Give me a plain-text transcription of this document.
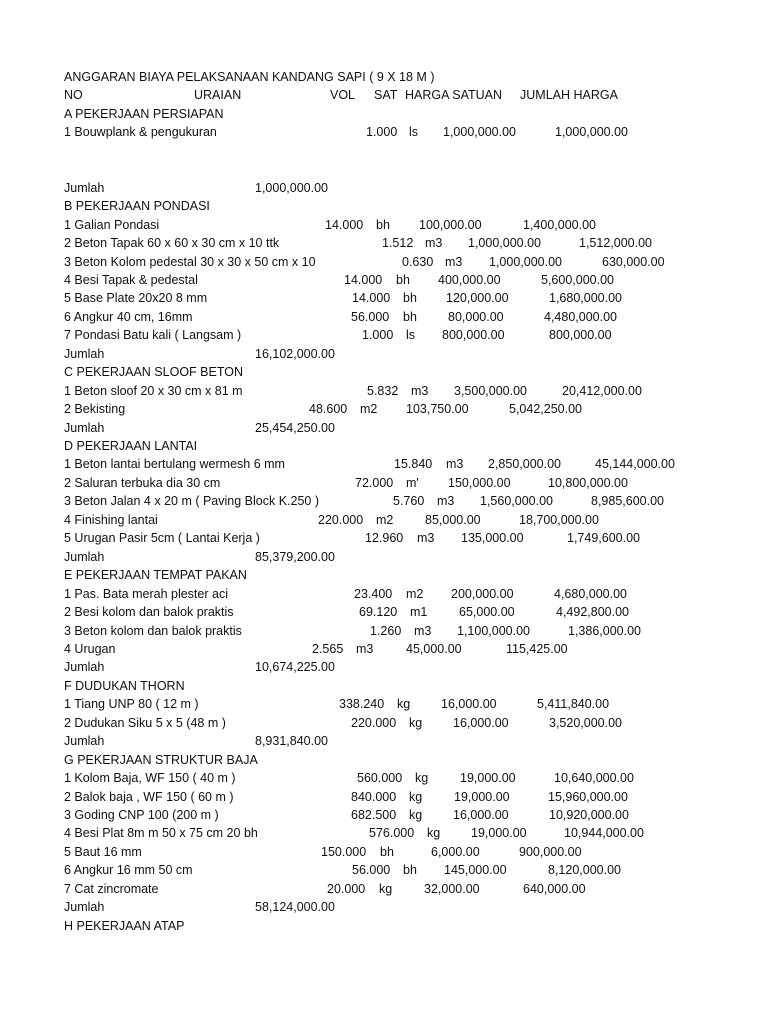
ANGGARAN BIAYA PELAKSANAAN KANDANG SAPI ( 9 X 18 M )
NO	URAIAN	VOL SAT HARGA SATUAN JUMLAH HARGA
A PEKERJAAN PERSIAPAN
1 Bouwplank & pengukuran	1.000 ls 1,000,000.00	1,000,000.00
Jumlah	1,000,000.00
B PEKERJAAN PONDASI
1 Galian Pondasi	14.000 bh 100,000.00	1,400,000.00
2 Beton Tapak 60 x 60 x 30 cm x 10 ttk	1.512 m3 1,000,000.00	1,512,000.00
3 Beton Kolom pedestal 30 x 30 x 50 cm x 10	0.630 m3 1,000,000.00	630,000.00
4 Besi Tapak & pedestal	14.000 bh 400,000.00	5,600,000.00
5 Base Plate 20x20 8 mm	14.000 bh 120,000.00	1,680,000.00
6 Angkur 40 cm, 16mm	56.000 bh 80,000.00	4,480,000.00
7 Pondasi Batu kali ( Langsam )	1.000 ls 800,000.00	800,000.00
Jumlah	16,102,000.00
C PEKERJAAN SLOOF BETON
1 Beton sloof 20 x 30 cm x 81 m	5.832 m3 3,500,000.00	20,412,000.00
2 Bekisting	48.600 m2 103,750.00	5,042,250.00
Jumlah	25,454,250.00
D PEKERJAAN LANTAI
1 Beton lantai bertulang wermesh 6 mm	15.840 m3 2,850,000.00	45,144,000.00
2 Saluran terbuka dia 30 cm	72.000 m' 150,000.00	10,800,000.00
3 Beton Jalan 4 x 20 m ( Paving Block K.250 )	5.760 m3 1,560,000.00	8,985,600.00
4 Finishing lantai	220.000 m2	85,000.00	18,700,000.00
5 Urugan Pasir 5cm ( Lantai Kerja )	12.960 m3 135,000.00	1,749,600.00
Jumlah	85,379,200.00
E PEKERJAAN TEMPAT PAKAN
1 Pas. Bata merah plester aci	23.400 m2 200,000.00	4,680,000.00
2 Besi kolom dan balok praktis	69.120 m1	65,000.00	4,492,800.00
3 Beton kolom dan balok praktis	1.260 m3 1,100,000.00	1,386,000.00
4 Urugan	2.565 m3	45,000.00	115,425.00
Jumlah	10,674,225.00
F DUDUKAN THORN
1 Tiang UNP 80 ( 12 m )	338.240 kg 16,000.00	5,411,840.00
2 Dudukan Siku 5 x 5 (48 m )	220.000 kg 16,000.00	3,520,000.00
Jumlah	8,931,840.00
G PEKERJAAN STRUKTUR BAJA
1 Kolom Baja, WF 150 ( 40 m )	560.000 kg	19,000.00	10,640,000.00
2 Balok baja , WF 150 ( 60 m )	840.000 kg	19,000.00	15,960,000.00
3 Goding CNP 100 (200 m )	682.500 kg 16,000.00	10,920,000.00
4 Besi Plat 8m m 50 x 75 cm 20 bh	576.000 kg 19,000.00	10,944,000.00
5 Baut 16 mm	150.000 bh	6,000.00	900,000.00
6 Angkur 16 mm 50 cm	56.000 bh 145,000.00	8,120,000.00
7 Cat zincromate	20.000 kg	32,000.00	640,000.00
Jumlah	58,124,000.00
H PEKERJAAN ATAP
